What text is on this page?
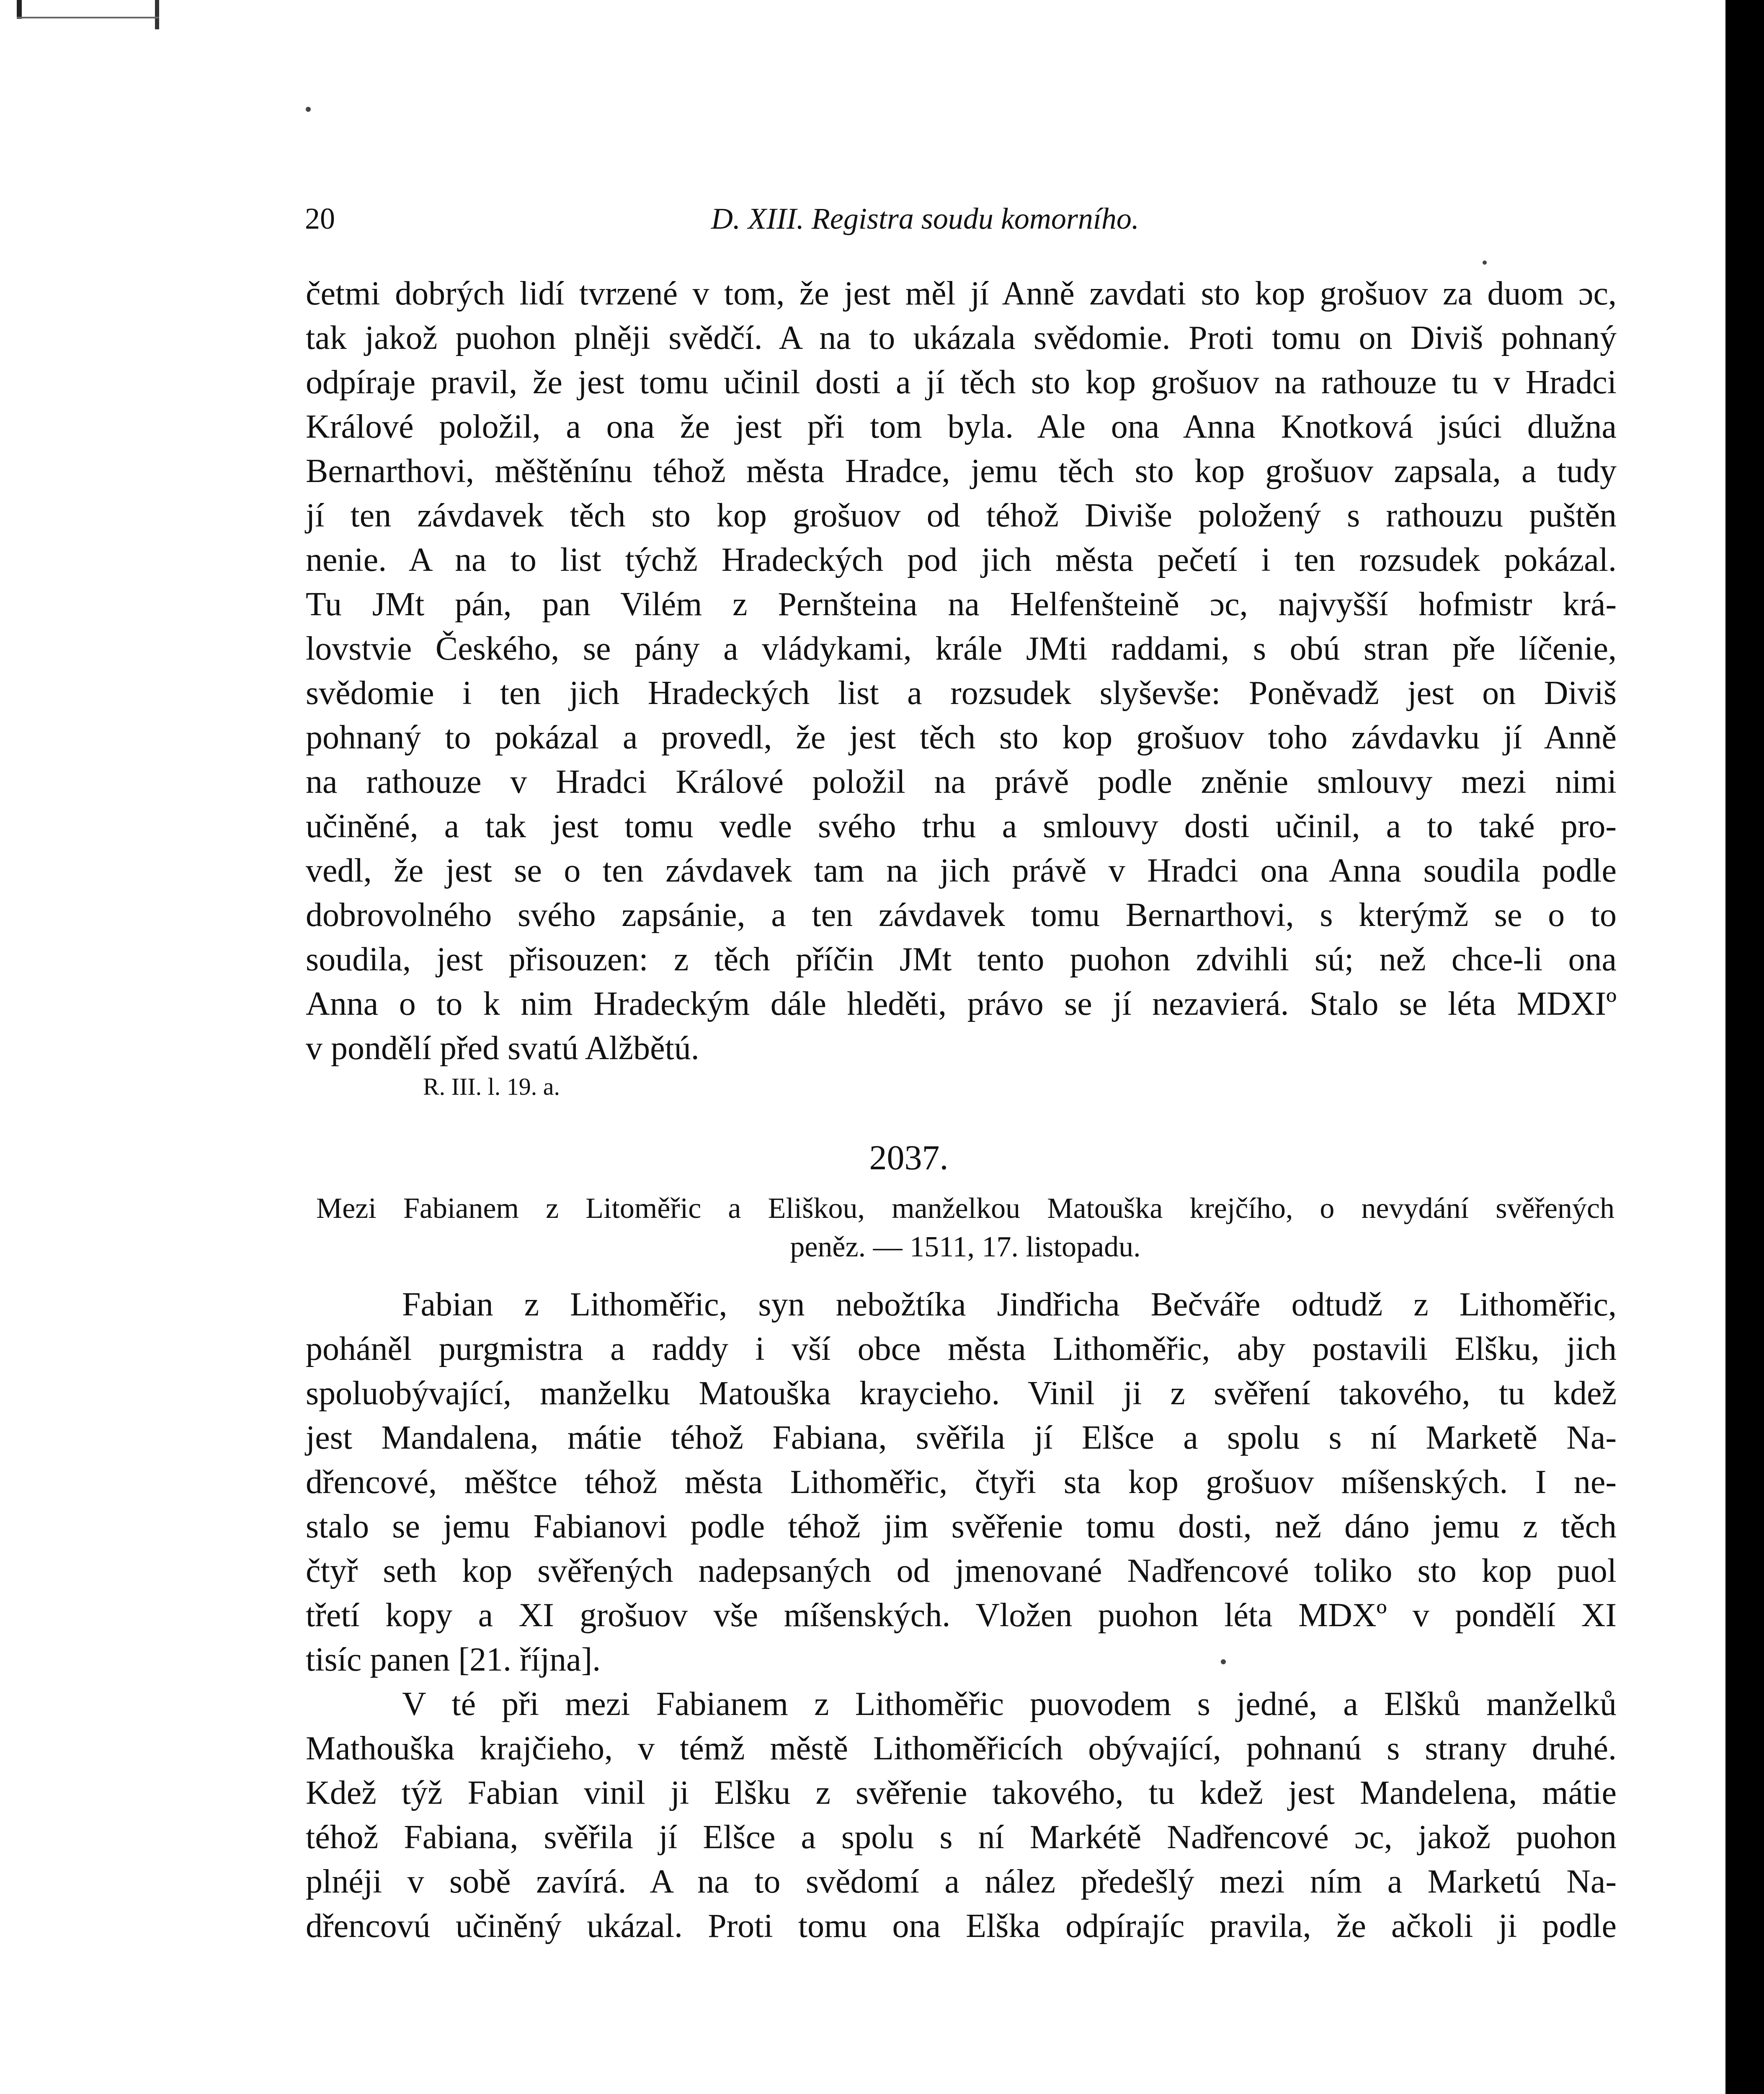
20	D. XIII. Registra soudu komorního.
četmi dobrých lidí tvrzené v tom, že jest měl jí Anně zavdati sto kop grošuov za duom ɔc,
tak jakož puohon plněji svědčí. A na to ukázala svědomie. Proti tomu on Diviš pohnaný
odpíraje pravil, že jest tomu učinil dosti a jí těch sto kop grošuov na rathouze tu v Hradci
Králové položil, a ona že jest při tom byla. Ale ona Anna Knotková jsúci dlužna
Bernarthovi, měštěnínu téhož města Hradce, jemu těch sto kop grošuov zapsala, a tudy
jí ten závdavek těch sto kop grošuov od téhož Diviše položený s rathouzu puštěn
nenie. A na to list týchž Hradeckých pod jich města pečetí i ten rozsudek pokázal.
Tu JMt pán, pan Vilém z Pernšteina na Helfenšteině ɔc, najvyšší hofmistr krá-
lovstvie Českého, se pány a vládykami, krále JMti raddami, s obú stran pře líčenie,
svědomie i ten jich Hradeckých list a rozsudek slyševše: Poněvadž jest on Diviš
pohnaný to pokázal a provedl, že jest těch sto kop grošuov toho závdavku jí Anně
na rathouze v Hradci Králové položil na právě podle zněnie smlouvy mezi nimi
učiněné, a tak jest tomu vedle svého trhu a smlouvy dosti učinil, a to také pro-
vedl, že jest se o ten závdavek tam na jich právě v Hradci ona Anna soudila podle
dobrovolného svého zapsánie, a ten závdavek tomu Bernarthovi, s kterýmž se o to
soudila, jest přisouzen: z těch příčin JMt tento puohon zdvihli sú; než chce-li ona
Anna o to k nim Hradeckým dále hleděti, právo se jí nezavierá. Stalo se léta MDXIº
v pondělí před svatú Alžbětú.
R. III. l. 19. a.
2037.
Mezi Fabianem z Litoměřic a Eliškou, manželkou Matouška krejčího, o nevydání svěřených
peněz. — 1511, 17. listopadu.
Fabian z Lithoměřic, syn nebožtíka Jindřicha Bečváře odtudž z Lithoměřic,
poháněl purgmistra a raddy i vší obce města Lithoměřic, aby postavili Elšku, jich
spoluobývající, manželku Matouška kraycieho. Vinil ji z svěření takového, tu kdež
jest Mandalena, mátie téhož Fabiana, svěřila jí Elšce a spolu s ní Marketě Na-
dřencové, měštce téhož města Lithoměřic, čtyři sta kop grošuov míšenských. I ne-
stalo se jemu Fabianovi podle téhož jim svěřenie tomu dosti, než dáno jemu z těch
čtyř seth kop svěřených nadepsaných od jmenované Nadřencové toliko sto kop puol
třetí kopy a XI grošuov vše míšenských. Vložen puohon léta MDXº v pondělí XI
tisíc panen [21. října].
V té při mezi Fabianem z Lithoměřic puovodem s jedné, a Elšků manželků
Mathouška krajčieho, v témž městě Lithoměřicích obývající, pohnanú s strany druhé.
Kdež týž Fabian vinil ji Elšku z svěřenie takového, tu kdež jest Mandelena, mátie
téhož Fabiana, svěřila jí Elšce a spolu s ní Markétě Nadřencové ɔc, jakož puohon
plnéji v sobě zavírá. A na to svědomí a nález předešlý mezi ním a Marketú Na-
dřencovú učiněný ukázal. Proti tomu ona Elška odpírajíc pravila, že ačkoli ji podle
